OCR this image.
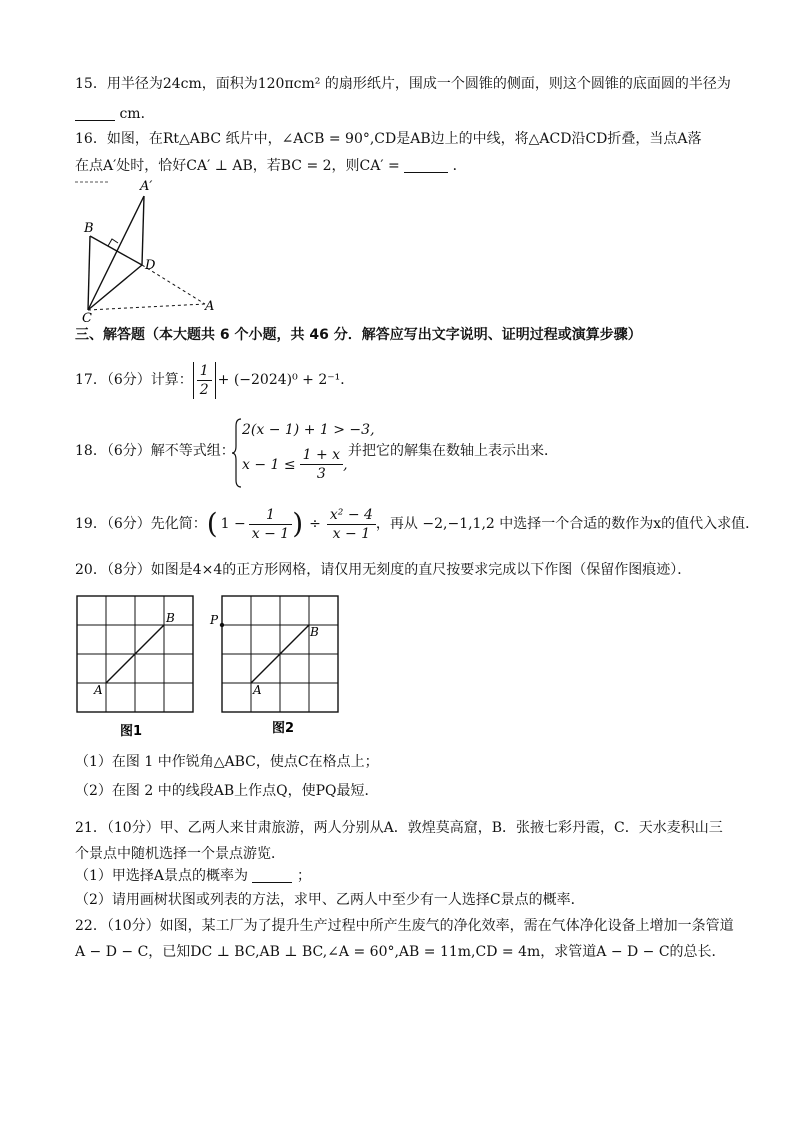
15．用半径为24cm，面积为120πcm² 的扇形纸片，围成一个圆锥的侧面，则这个圆锥的底面圆的半径为
cm．
16．如图，在Rt△ABC 纸片中，∠ACB = 90°,CD是AB边上的中线，将△ACD沿CD折叠，当点A落
在点A′处时，恰好CA′ ⊥ AB，若BC = 2，则CA′ =	．
A′
B
D
C
A
三、解答题（本大题共 6 个小题，共 46 分．解答应写出文字说明、证明过程或演算步骤）
17．（6分）计算： $\frac{1}{2} + (-2024)^0 + 2^{-1}$．
18．（6分）解不等式组：
2(x − 1) + 1 > −3,
$x - 1 \le \frac{1 + x}{3}$ ,
并把它的解集在数轴上表示出来．
19．（6分）先化简： ( $1 - \frac{1}{x - 1}$ ) ÷ $\frac{\text{x² − 4}}{x - 1}$ ，再从 −2,−1,1,2 中选择一个合适的数作为x的值代入求值．
20．（8分）如图是4×4的正方形网格，请仅用无刻度的直尺按要求完成以下作图（保留作图痕迹）．
A
B
图1
P
A
B
图2
（1）在图 1 中作锐角△ABC，使点C在格点上；
（2）在图 2 中的线段AB上作点Q，使PQ最短．
21．（10分）甲、乙两人来甘肃旅游，两人分别从A．敦煌莫高窟，B．张掖七彩丹霞，C．天水麦积山三
个景点中随机选择一个景点游览．
（1）甲选择A景点的概率为	；
（2）请用画树状图或列表的方法，求甲、乙两人中至少有一人选择C景点的概率．
22．（10分）如图，某工厂为了提升生产过程中所产生废气的净化效率，需在气体净化设备上增加一条管道
A − D − C，已知DC ⊥ BC,AB ⊥ BC,∠A = 60°,AB = 11m,CD = 4m，求管道A − D − C的总长．
